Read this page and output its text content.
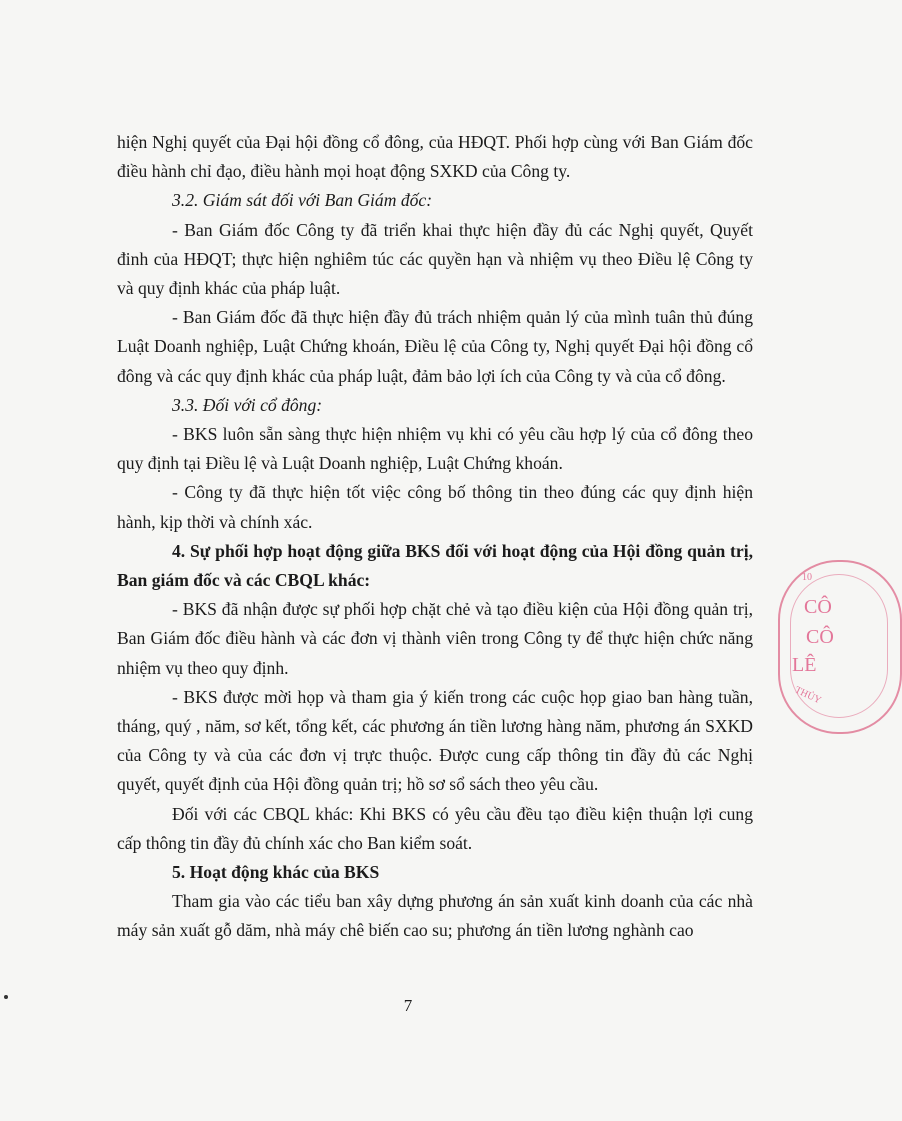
hiện Nghị quyết của Đại hội đồng cổ đông, của HĐQT. Phối hợp cùng với Ban Giám đốc điều hành chỉ đạo, điều hành mọi hoạt động SXKD của Công ty.

3.2. Giám sát đối với Ban Giám đốc:

- Ban Giám đốc Công ty đã triển khai thực hiện đầy đủ các Nghị quyết, Quyết đinh của HĐQT; thực hiện nghiêm túc các quyền hạn và nhiệm vụ theo Điều lệ Công ty và quy định khác của pháp luật.

- Ban Giám đốc đã thực hiện đầy đủ trách nhiệm quản lý của mình tuân thủ đúng Luật Doanh nghiệp, Luật Chứng khoán, Điều lệ của Công ty, Nghị quyết Đại hội đồng cổ đông và các quy định khác của pháp luật, đảm bảo lợi ích của Công ty và của cổ đông.

3.3. Đối với cổ đông:

- BKS luôn sẵn sàng thực hiện nhiệm vụ khi có yêu cầu hợp lý của cổ đông theo quy định tại Điều lệ và Luật Doanh nghiệp, Luật Chứng khoán.

- Công ty đã thực hiện tốt việc công bố thông tin theo đúng các quy định hiện hành, kịp thời và chính xác.

4. Sự phối hợp hoạt động giữa BKS đối với hoạt động của Hội đồng quản trị, Ban giám đốc và các CBQL khác:

- BKS đã nhận được sự phối hợp chặt chẻ và tạo điều kiện của Hội đồng quản trị, Ban Giám đốc điều hành và các đơn vị thành viên trong Công ty để thực hiện chức năng nhiệm vụ theo quy định.

- BKS được mời họp và tham gia ý kiến trong các cuộc họp giao ban hàng tuần, tháng, quý , năm, sơ kết, tổng kết, các phương án tiền lương hàng năm, phương án SXKD của Công ty và của các đơn vị trực thuộc. Được cung cấp thông tin đầy đủ các Nghị quyết, quyết định của Hội đồng quản trị; hồ sơ sổ sách theo yêu cầu.

Đối với các CBQL khác: Khi BKS có yêu cầu đều tạo điều kiện thuận lợi cung cấp thông tin đầy đủ chính xác cho Ban kiểm soát.

5. Hoạt động khác của BKS

Tham gia vào các tiểu ban xây dựng phương án sản xuất kinh doanh của các nhà máy sản xuất gỗ dăm, nhà máy chê biến cao su; phương án tiền lương nghành cao

7
10
CÔ
CÔ
LÊ
THỦY
